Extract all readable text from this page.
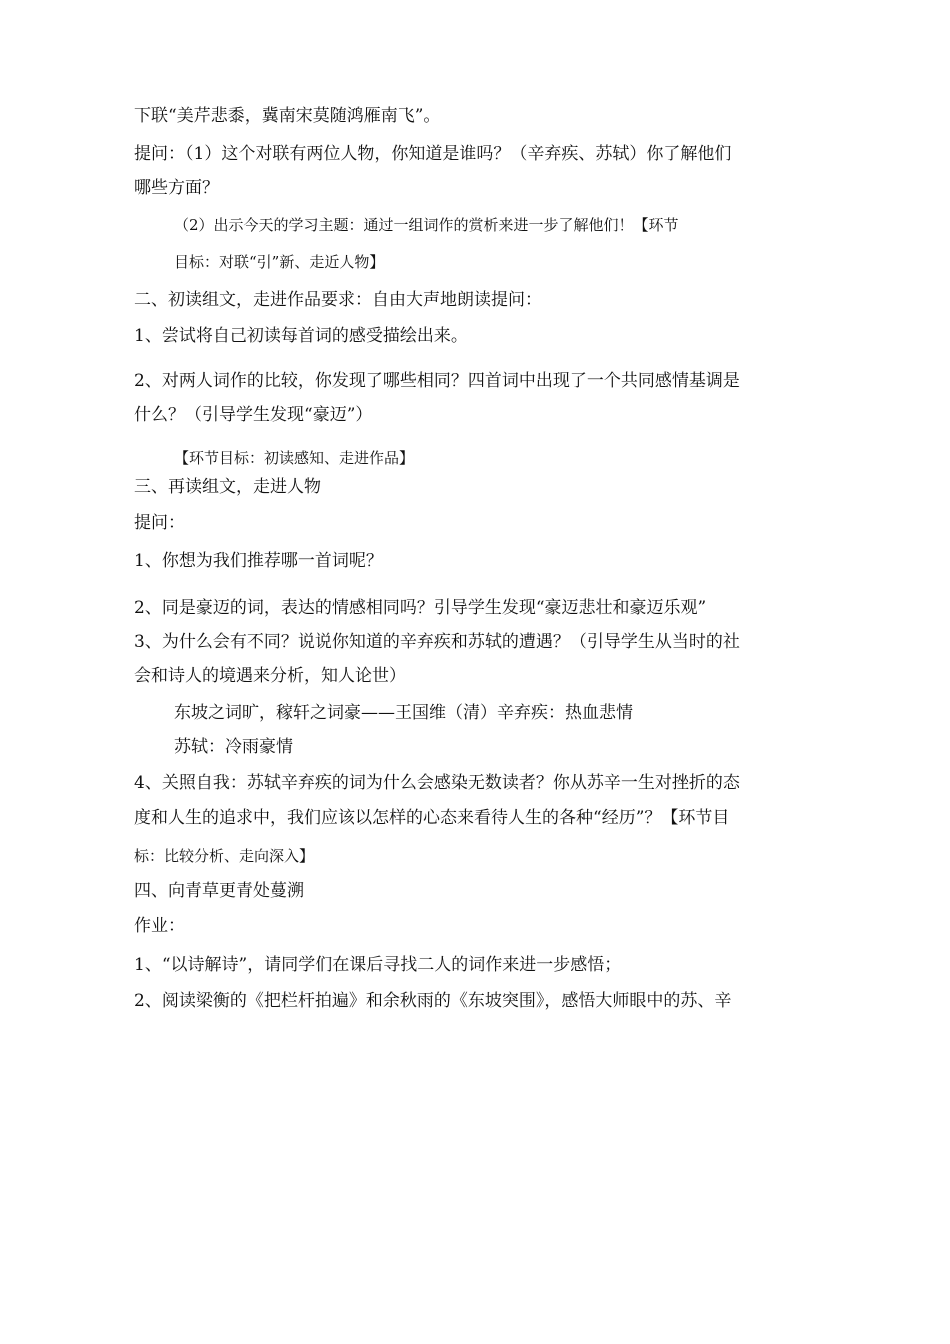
下联“美芹悲黍，冀南宋莫随鸿雁南飞”。
提问：（1）这个对联有两位人物，你知道是谁吗？（辛弃疾、苏轼）你了解他们
哪些方面？
（2）出示今天的学习主题：通过一组词作的赏析来进一步了解他们！【环节
目标：对联“引”新、走近人物】
二、初读组文，走进作品要求：自由大声地朗读提问：
1、尝试将自己初读每首词的感受描绘出来。
2、对两人词作的比较，你发现了哪些相同？四首词中出现了一个共同感情基调是
什么？（引导学生发现“豪迈”）
【环节目标：初读感知、走进作品】
三、再读组文，走进人物
提问：
1、你想为我们推荐哪一首词呢？
2、同是豪迈的词，表达的情感相同吗？引导学生发现“豪迈悲壮和豪迈乐观”
3、为什么会有不同？说说你知道的辛弃疾和苏轼的遭遇？（引导学生从当时的社
会和诗人的境遇来分析，知人论世）
东坡之词旷，稼轩之词豪——王国维（清）辛弃疾：热血悲情
苏轼：冷雨豪情
4、关照自我：苏轼辛弃疾的词为什么会感染无数读者？你从苏辛一生对挫折的态
度和人生的追求中，我们应该以怎样的心态来看待人生的各种“经历”？【环节目
标：比较分析、走向深入】
四、向青草更青处蔓溯
作业：
1、“以诗解诗”，请同学们在课后寻找二人的词作来进一步感悟；
2、阅读梁衡的《把栏杆拍遍》和余秋雨的《东坡突围》，感悟大师眼中的苏、辛
